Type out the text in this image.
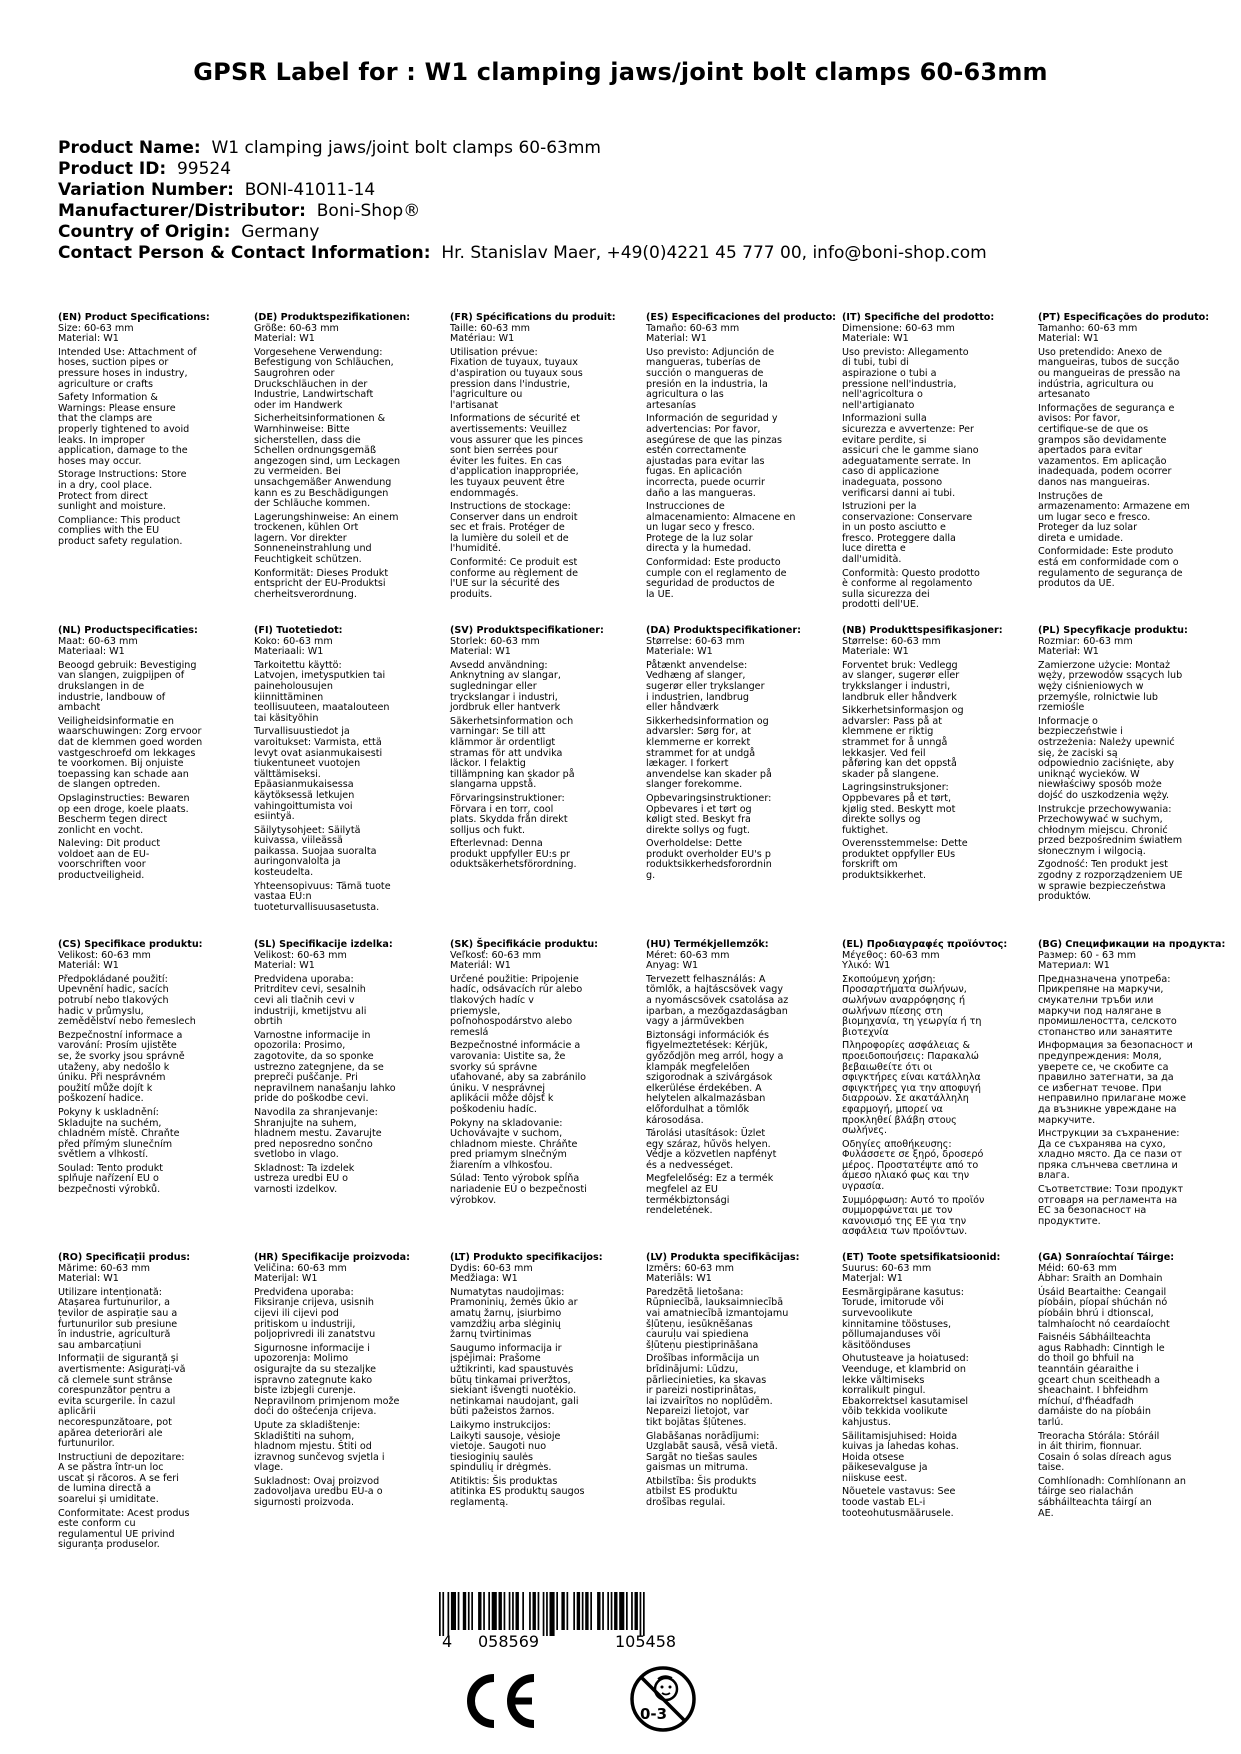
GPSR Label for : W1 clamping jaws/joint bolt clamps 60-63mm
Product Name: W1 clamping jaws/joint bolt clamps 60-63mm
Product ID: 99524
Variation Number: BONI-41011-14
Manufacturer/Distributor: Boni-Shop®
Country of Origin: Germany
Contact Person & Contact Information: Hr. Stanislav Maer, +49(0)4221 45 777 00, info@boni-shop.com
(EN) Product Specifications:
Size: 60-63 mm
Material: W1
Intended Use: Attachment of
hoses, suction pipes or
pressure hoses in industry,
agriculture or crafts
Safety Information &
Warnings: Please ensure
that the clamps are
properly tightened to avoid
leaks. In improper
application, damage to the
hoses may occur.
Storage Instructions: Store
in a dry, cool place.
Protect from direct
sunlight and moisture.
Compliance: This product
complies with the EU
product safety regulation.
(DE) Produktspezifikationen:
Größe: 60-63 mm
Material: W1
Vorgesehene Verwendung:
Befestigung von Schläuchen,
Saugrohren oder
Druckschläuchen in der
Industrie, Landwirtschaft
oder im Handwerk
Sicherheitsinformationen &
Warnhinweise: Bitte
sicherstellen, dass die
Schellen ordnungsgemäß
angezogen sind, um Leckagen
zu vermeiden. Bei
unsachgemäßer Anwendung
kann es zu Beschädigungen
der Schläuche kommen.
Lagerungshinweise: An einem
trockenen, kühlen Ort
lagern. Vor direkter
Sonneneinstrahlung und
Feuchtigkeit schützen.
Konformität: Dieses Produkt
entspricht der EU-Produktsi
cherheitsverordnung.
(FR) Spécifications du produit:
Taille: 60-63 mm
Matériau: W1
Utilisation prévue:
Fixation de tuyaux, tuyaux
d'aspiration ou tuyaux sous
pression dans l'industrie,
l'agriculture ou
l'artisanat
Informations de sécurité et
avertissements: Veuillez
vous assurer que les pinces
sont bien serrées pour
éviter les fuites. En cas
d'application inappropriée,
les tuyaux peuvent être
endommagés.
Instructions de stockage:
Conserver dans un endroit
sec et frais. Protéger de
la lumière du soleil et de
l'humidité.
Conformité: Ce produit est
conforme au règlement de
l'UE sur la sécurité des
produits.
(ES) Especificaciones del producto:
Tamaño: 60-63 mm
Material: W1
Uso previsto: Adjunción de
mangueras, tuberías de
succión o mangueras de
presión en la industria, la
agricultura o las
artesanías
Información de seguridad y
advertencias: Por favor,
asegúrese de que las pinzas
estén correctamente
ajustadas para evitar las
fugas. En aplicación
incorrecta, puede ocurrir
daño a las mangueras.
Instrucciones de
almacenamiento: Almacene en
un lugar seco y fresco.
Protege de la luz solar
directa y la humedad.
Conformidad: Este producto
cumple con el reglamento de
seguridad de productos de
la UE.
(IT) Specifiche del prodotto:
Dimensione: 60-63 mm
Materiale: W1
Uso previsto: Allegamento
di tubi, tubi di
aspirazione o tubi a
pressione nell'industria,
nell'agricoltura o
nell'artigianato
Informazioni sulla
sicurezza e avvertenze: Per
evitare perdite, si
assicuri che le gamme siano
adeguatamente serrate. In
caso di applicazione
inadeguata, possono
verificarsi danni ai tubi.
Istruzioni per la
conservazione: Conservare
in un posto asciutto e
fresco. Proteggere dalla
luce diretta e
dall'umidità.
Conformità: Questo prodotto
è conforme al regolamento
sulla sicurezza dei
prodotti dell'UE.
(PT) Especificações do produto:
Tamanho: 60-63 mm
Material: W1
Uso pretendido: Anexo de
mangueiras, tubos de sucção
ou mangueiras de pressão na
indústria, agricultura ou
artesanato
Informações de segurança e
avisos: Por favor,
certifique-se de que os
grampos são devidamente
apertados para evitar
vazamentos. Em aplicação
inadequada, podem ocorrer
danos nas mangueiras.
Instruções de
armazenamento: Armazene em
um lugar seco e fresco.
Proteger da luz solar
direta e umidade.
Conformidade: Este produto
está em conformidade com o
regulamento de segurança de
produtos da UE.
(NL) Productspecificaties:
Maat: 60-63 mm
Materiaal: W1
Beoogd gebruik: Bevestiging
van slangen, zuigpijpen of
drukslangen in de
industrie, landbouw of
ambacht
Veiligheidsinformatie en
waarschuwingen: Zorg ervoor
dat de klemmen goed worden
vastgeschroefd om lekkages
te voorkomen. Bij onjuiste
toepassing kan schade aan
de slangen optreden.
Opslaginstructies: Bewaren
op een droge, koele plaats.
Bescherm tegen direct
zonlicht en vocht.
Naleving: Dit product
voldoet aan de EU-
voorschriften voor
productveiligheid.
(FI) Tuotetiedot:
Koko: 60-63 mm
Materiaali: W1
Tarkoitettu käyttö:
Latvojen, imetysputkien tai
paineholousujen
kiinnittäminen
teollisuuteen, maatalouteen
tai käsityöhin
Turvallisuustiedot ja
varoitukset: Varmista, että
levyt ovat asianmukaisesti
tiukentuneet vuotojen
välttämiseksi.
Epäasianmukaisessa
käytöksessä letkujen
vahingoittumista voi
esiintyä.
Säilytysohjeet: Säilytä
kuivassa, viileässä
paikassa. Suojaa suoralta
auringonvalolta ja
kosteudelta.
Yhteensopivuus: Tämä tuote
vastaa EU:n
tuoteturvallisuusasetusta.
(SV) Produktspecifikationer:
Storlek: 60-63 mm
Material: W1
Avsedd användning:
Anknytning av slangar,
sugledningar eller
tryckslangar i industri,
jordbruk eller hantverk
Säkerhetsinformation och
varningar: Se till att
klämmor är ordentligt
stramas för att undvika
läckor. I felaktig
tillämpning kan skador på
slangarna uppstå.
Förvaringsinstruktioner:
Förvara i en torr, cool
plats. Skydda från direkt
solljus och fukt.
Efterlevnad: Denna
produkt uppfyller EU:s pr
oduktsäkerhetsförordning.
(DA) Produktspecifikationer:
Størrelse: 60-63 mm
Materiale: W1
Påtænkt anvendelse:
Vedhæng af slanger,
sugerør eller trykslanger
i industrien, landbrug
eller håndværk
Sikkerhedsinformation og
advarsler: Sørg for, at
klemmerne er korrekt
strammet for at undgå
lækager. I forkert
anvendelse kan skader på
slanger forekomme.
Opbevaringsinstruktioner:
Opbevares i et tørt og
køligt sted. Beskyt fra
direkte sollys og fugt.
Overholdelse: Dette
produkt overholder EU's p
roduktsikkerhedsforordnin
g.
(NB) Produkttspesifikasjoner:
Størrelse: 60-63 mm
Materiale: W1
Forventet bruk: Vedlegg
av slanger, sugerør eller
trykkslanger i industri,
landbruk eller håndverk
Sikkerhetsinformasjon og
advarsler: Pass på at
klemmene er riktig
strammet for å unngå
lekkasjer. Ved feil
påføring kan det oppstå
skader på slangene.
Lagringsinstruksjoner:
Oppbevares på et tørt,
kjølig sted. Beskytt mot
direkte sollys og
fuktighet.
Overensstemmelse: Dette
produktet oppfyller EUs
forskrift om
produktsikkerhet.
(PL) Specyfikacje produktu:
Rozmiar: 60-63 mm
Materiał: W1
Zamierzone użycie: Montaż
węży, przewodów ssących lub
węży ciśnieniowych w
przemyśle, rolnictwie lub
rzemiośle
Informacje o
bezpieczeństwie i
ostrzeżenia: Należy upewnić
się, że zaciski są
odpowiednio zaciśnięte, aby
uniknąć wycieków. W
niewłaściwy sposób może
dojść do uszkodzenia węży.
Instrukcje przechowywania:
Przechowywać w suchym,
chłodnym miejscu. Chronić
przed bezpośrednim światłem
słonecznym i wilgocią.
Zgodność: Ten produkt jest
zgodny z rozporządzeniem UE
w sprawie bezpieczeństwa
produktów.
(CS) Specifikace produktu:
Velikost: 60-63 mm
Materiál: W1
Předpokládané použití:
Upevnění hadic, sacích
potrubí nebo tlakových
hadic v průmyslu,
zemědělství nebo řemeslech
Bezpečnostní informace a
varování: Prosím ujistěte
se, že svorky jsou správně
utaženy, aby nedošlo k
úniku. Při nesprávném
použití může dojít k
poškození hadice.
Pokyny k uskladnění:
Skladujte na suchém,
chladném místě. Chraňte
před přímým slunečním
světlem a vlhkostí.
Soulad: Tento produkt
splňuje nařízení EU o
bezpečnosti výrobků.
(SL) Specifikacije izdelka:
Velikost: 60-63 mm
Material: W1
Predvidena uporaba:
Pritrditev cevi, sesalnih
cevi ali tlačnih cevi v
industriji, kmetijstvu ali
obrtih
Varnostne informacije in
opozorila: Prosimo,
zagotovite, da so sponke
ustrezno zategnjene, da se
prepreči puščanje. Pri
nepravilnem nanašanju lahko
pride do poškodbe cevi.
Navodila za shranjevanje:
Shranjujte na suhem,
hladnem mestu. Zavarujte
pred neposredno sončno
svetlobo in vlago.
Skladnost: Ta izdelek
ustreza uredbi EU o
varnosti izdelkov.
(SK) Špecifikácie produktu:
Veľkosť: 60-63 mm
Materiál: W1
Určené použitie: Pripojenie
hadíc, odsávacích rúr alebo
tlakových hadíc v
priemysle,
poľnohospodárstvo alebo
remeslá
Bezpečnostné informácie a
varovania: Uistite sa, že
svorky sú správne
uťahované, aby sa zabránilo
úniku. V nesprávnej
aplikácii môže dôjsť k
poškodeniu hadíc.
Pokyny na skladovanie:
Uchovávajte v suchom,
chladnom mieste. Chráňte
pred priamym slnečným
žiarením a vlhkosťou.
Súlad: Tento výrobok spĺňa
nariadenie EÚ o bezpečnosti
výrobkov.
(HU) Termékjellemzők:
Méret: 60-63 mm
Anyag: W1
Tervezett felhasználás: A
tömlők, a hajtáscsövek vagy
a nyomáscsövek csatolása az
iparban, a mezőgazdaságban
vagy a járművekben
Biztonsági információk és
figyelmeztetések: Kérjük,
győződjön meg arról, hogy a
klampák megfelelően
szigorodnak a szivárgások
elkerülése érdekében. A
helytelen alkalmazásban
előfordulhat a tömlők
károsodása.
Tárolási utasítások: Üzlet
egy száraz, hűvös helyen.
Védje a közvetlen napfényt
és a nedvességet.
Megfelelőség: Ez a termék
megfelel az EU
termékbiztonsági
rendeletének.
(EL) Προδιαγραφές προϊόντος:
Μέγεθος: 60-63 mm
Υλικό: W1
Σκοπούμενη χρήση:
Προσαρτήματα σωλήνων,
σωλήνων αναρρόφησης ή
σωλήνων πίεσης στη
βιομηχανία, τη γεωργία ή τη
βιοτεχνία
Πληροφορίες ασφάλειας &
προειδοποιήσεις: Παρακαλώ
βεβαιωθείτε ότι οι
σφιγκτήρες είναι κατάλληλα
σφιγκτήρες για την αποφυγή
διαρροών. Σε ακατάλληλη
εφαρμογή, μπορεί να
προκληθεί βλάβη στους
σωλήνες.
Οδηγίες αποθήκευσης:
Φυλάσσετε σε ξηρό, δροσερό
μέρος. Προστατέψτε από το
άμεσο ηλιακό φως και την
υγρασία.
Συμμόρφωση: Αυτό το προϊόν
συμμορφώνεται με τον
κανονισμό της ΕΕ για την
ασφάλεια των προϊόντων.
(BG) Спецификации на продукта:
Размер: 60 - 63 mm
Материал: W1
Предназначена употреба:
Прикрепяне на маркучи,
смукателни тръби или
маркучи под налягане в
промишлеността, селското
стопанство или занаятите
Информация за безопасност и
предупреждения: Моля,
уверете се, че скобите са
правилно затегнати, за да
се избегнат течове. При
неправилно прилагане може
да възникне увреждане на
маркучите.
Инструкции за съхранение:
Да се съхранява на сухо,
хладно място. Да се пази от
пряка слънчева светлина и
влага.
Съответствие: Този продукт
отговаря на регламента на
ЕС за безопасност на
продуктите.
(RO) Specificații produs:
Mărime: 60-63 mm
Material: W1
Utilizare intenționată:
Atașarea furtunurilor, a
țevilor de aspirație sau a
furtunurilor sub presiune
în industrie, agricultură
sau ambarcațiuni
Informații de siguranță și
avertismente: Asigurați-vă
că clemele sunt strânse
corespunzător pentru a
evita scurgerile. În cazul
aplicării
necorespunzătoare, pot
apărea deteriorări ale
furtunurilor.
Instrucțiuni de depozitare:
A se păstra într-un loc
uscat și răcoros. A se feri
de lumina directă a
soarelui și umiditate.
Conformitate: Acest produs
este conform cu
regulamentul UE privind
siguranța produselor.
(HR) Specifikacije proizvoda:
Veličina: 60-63 mm
Materijal: W1
Predviđena uporaba:
Fiksiranje crijeva, usisnih
cijevi ili cijevi pod
pritiskom u industriji,
poljoprivredi ili zanatstvu
Sigurnosne informacije i
upozorenja: Molimo
osigurajte da su stezaljke
ispravno zategnute kako
biste izbjegli curenje.
Nepravilnom primjenom može
doći do oštećenja crijeva.
Upute za skladištenje:
Skladištiti na suhom,
hladnom mjestu. Štiti od
izravnog sunčevog svjetla i
vlage.
Sukladnost: Ovaj proizvod
zadovoljava uredbu EU-a o
sigurnosti proizvoda.
(LT) Produkto specifikacijos:
Dydis: 60-63 mm
Medžiaga: W1
Numatytas naudojimas:
Pramoninių, žemės ūkio ar
amatų žarnų, įsiurbimo
vamzdžių arba slėginių
žarnų tvirtinimas
Saugumo informacija ir
įspėjimai: Prašome
užtikrinti, kad spaustuvės
būtų tinkamai priveržtos,
siekiant išvengti nuotėkio.
netinkamai naudojant, gali
būti pažeistos žarnos.
Laikymo instrukcijos:
Laikyti sausoje, vėsioje
vietoje. Saugoti nuo
tiesioginių saulės
spindulių ir drėgmės.
Atitiktis: Šis produktas
atitinka ES produktų saugos
reglamentą.
(LV) Produkta specifikācijas:
Izmērs: 60-63 mm
Materiāls: W1
Paredzētā lietošana:
Rūpniecībā, lauksaimniecībā
vai amatniecībā izmantojamu
šļūteņu, iesūknēšanas
cauruļu vai spiediena
šļūteņu piestiprināšana
Drošības informācija un
brīdinājumi: Lūdzu,
pārliecinieties, ka skavas
ir pareizi nostiprinātas,
lai izvairītos no noplūdēm.
Nepareizi lietojot, var
tikt bojātas šļūtenes.
Glabāšanas norādījumi:
Uzglabāt sausā, vēsā vietā.
Sargāt no tiešas saules
gaismas un mitruma.
Atbilstība: Šis produkts
atbilst ES produktu
drošības regulai.
(ET) Toote spetsifikatsioonid:
Suurus: 60-63 mm
Materjal: W1
Eesmärgipärane kasutus:
Torude, imitorude või
survevoolikute
kinnitamine tööstuses,
põllumajanduses või
käsitöönduses
Ohutusteave ja hoiatused:
Veenduge, et klambrid on
lekke vältimiseks
korralikult pingul.
Ebakorrektsel kasutamisel
võib tekkida voolikute
kahjustus.
Säilitamisjuhised: Hoida
kuivas ja lahedas kohas.
Hoida otsese
päikesevalguse ja
niiskuse eest.
Nõuetele vastavus: See
toode vastab EL-i
tooteohutusmäärusele.
(GA) Sonraíochtaí Táirge:
Méid: 60-63 mm
Ábhar: Sraith an Domhain
Úsáid Beartaithe: Ceangail
píobáin, píopaí shúchán nó
píobáin bhrú i dtionscal,
talmhaíocht nó ceardaíocht
Faisnéis Sábháilteachta
agus Rabhadh: Cinntigh le
do thoil go bhfuil na
teanntáin géaraithe i
gceart chun sceitheadh a
sheachaint. I bhfeidhm
míchuí, d'fhéadfadh
damáiste do na píobáin
tarlú.
Treoracha Stórála: Stóráil
in áit thirim, fionnuar.
Cosain ó solas díreach agus
taise.
Comhlíonadh: Comhlíonann an
táirge seo rialachán
sábháilteachta táirgí an
AE.
4 058569	105458
0-3
